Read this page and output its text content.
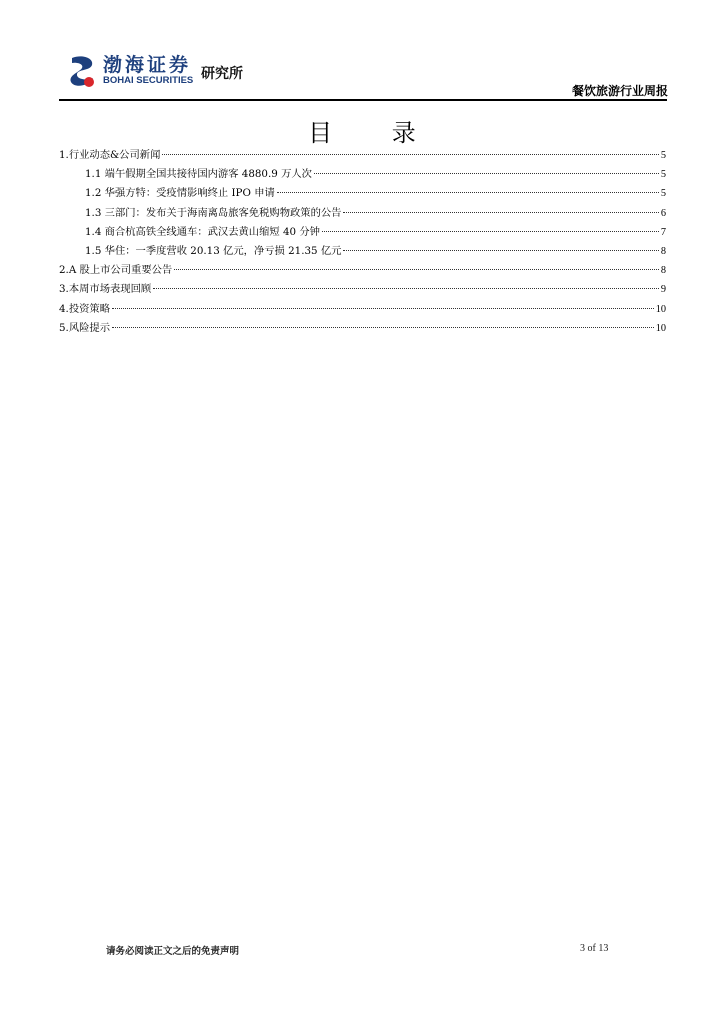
渤海证券
BOHAI SECURITIES 研究所
餐饮旅游行业周报
目 录
1.行业动态&公司新闻	5
1.1 端午假期全国共接待国内游客 4880.9 万人次	5
1.2 华强方特：受疫情影响终止 IPO 申请	5
1.3 三部门：发布关于海南离岛旅客免税购物政策的公告	6
1.4 商合杭高铁全线通车：武汉去黄山缩短 40 分钟	7
1.5 华住：一季度营收 20.13 亿元，净亏损 21.35 亿元	8
2.A 股上市公司重要公告	8
3.本周市场表现回顾	9
4.投资策略	10
5.风险提示	10
请务必阅读正文之后的免责声明	3 of 13
